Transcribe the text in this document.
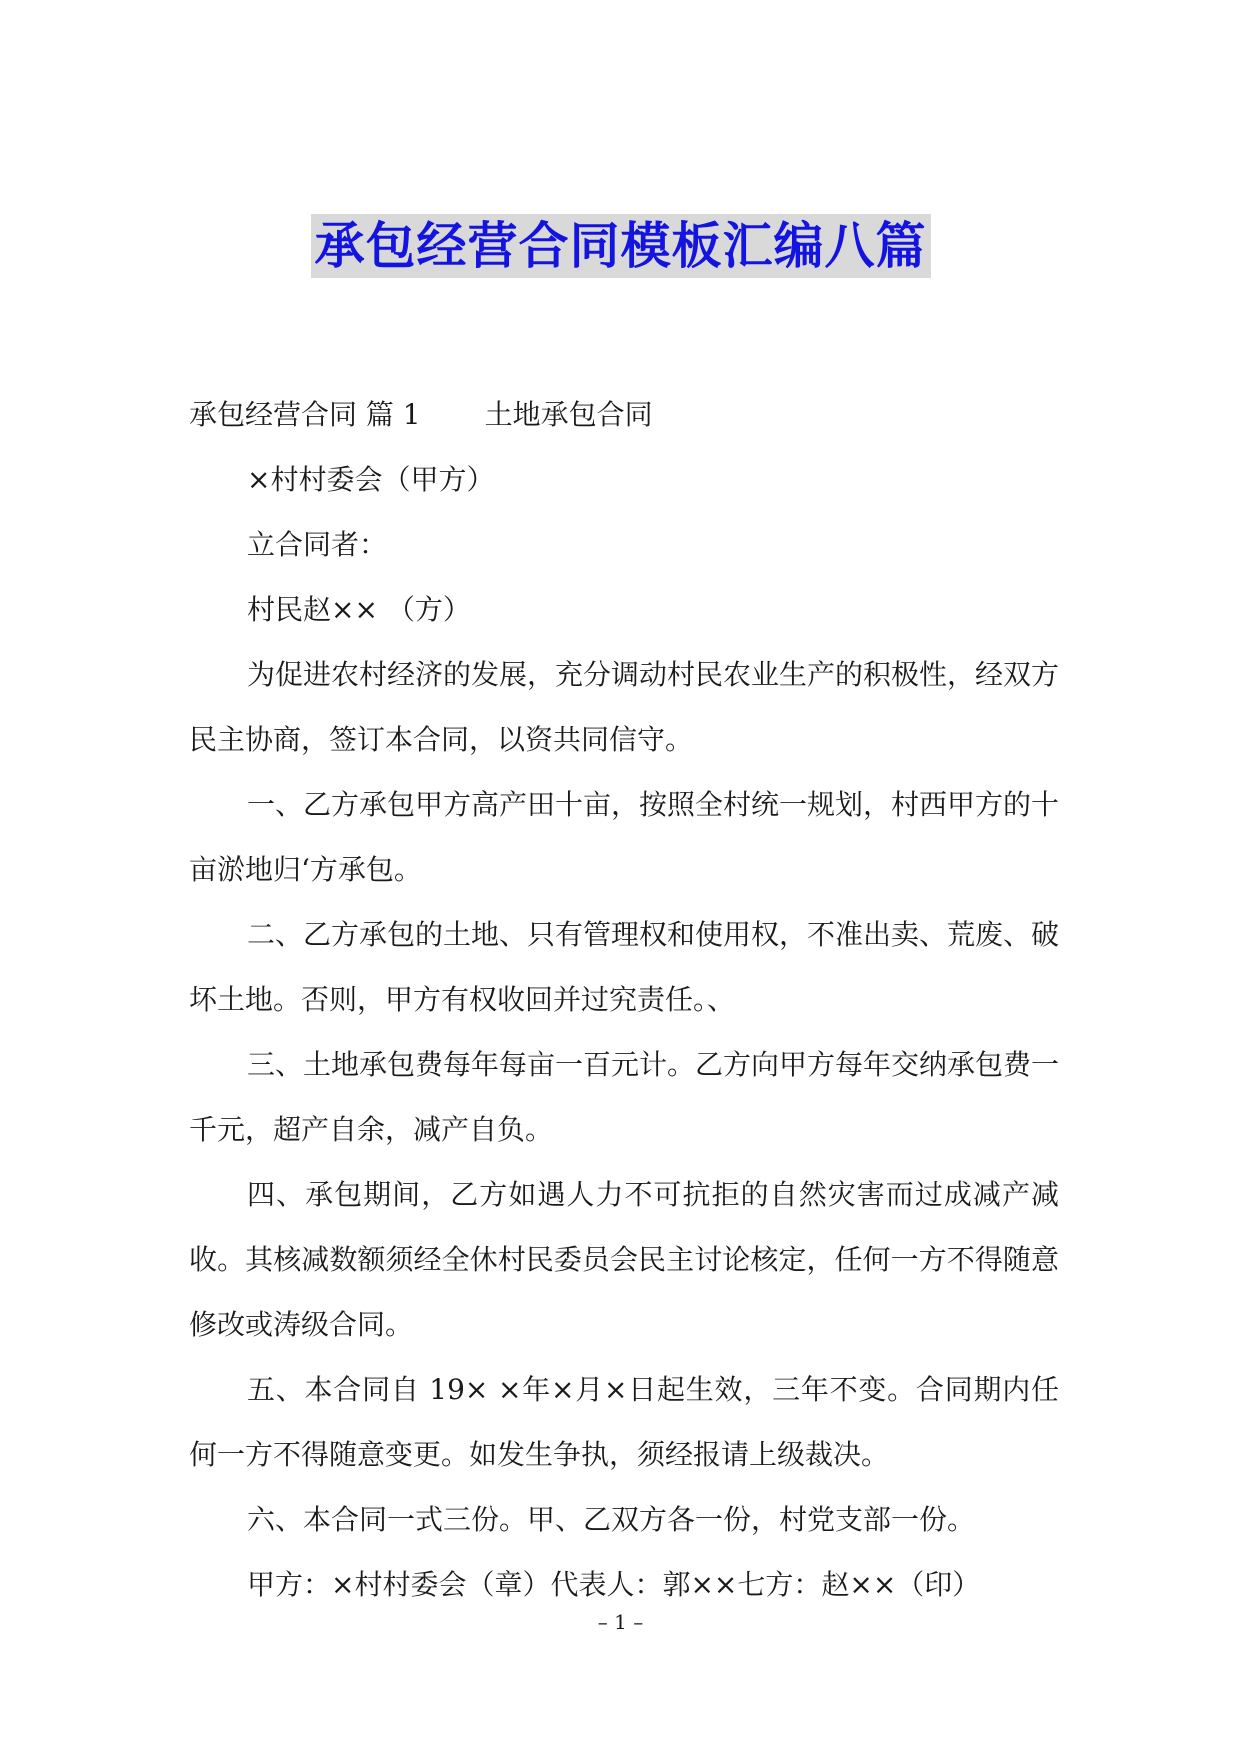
承包经营合同模板汇编八篇

承包经营合同 篇 1 土地承包合同

×村村委会（甲方）

立合同者：

村民赵×× （方）

为促进农村经济的发展，充分调动村民农业生产的积极性，经双方民主协商，签订本合同，以资共同信守。

一、乙方承包甲方高产田十亩，按照全村统一规划，村西甲方的十亩淤地归‘方承包。

二、乙方承包的土地、只有管理权和使用权，不准出卖、荒废、破坏土地。否则，甲方有权收回并过究责任。、

三、土地承包费每年每亩一百元计。乙方向甲方每年交纳承包费一千元，超产自余，减产自负。

四、承包期间，乙方如遇人力不可抗拒的自然灾害而过成减产减收。其核减数额须经全休村民委员会民主讨论核定，任何一方不得随意修改或涛级合同。

五、本合同自 19× ×年×月×日起生效，三年不变。合同期内任何一方不得随意变更。如发生争执，须经报请上级裁决。

六、本合同一式三份。甲、乙双方各一份，村党支部一份。

甲方：×村村委会（章）代表人：郭××七方：赵××（印）

– 1 –
